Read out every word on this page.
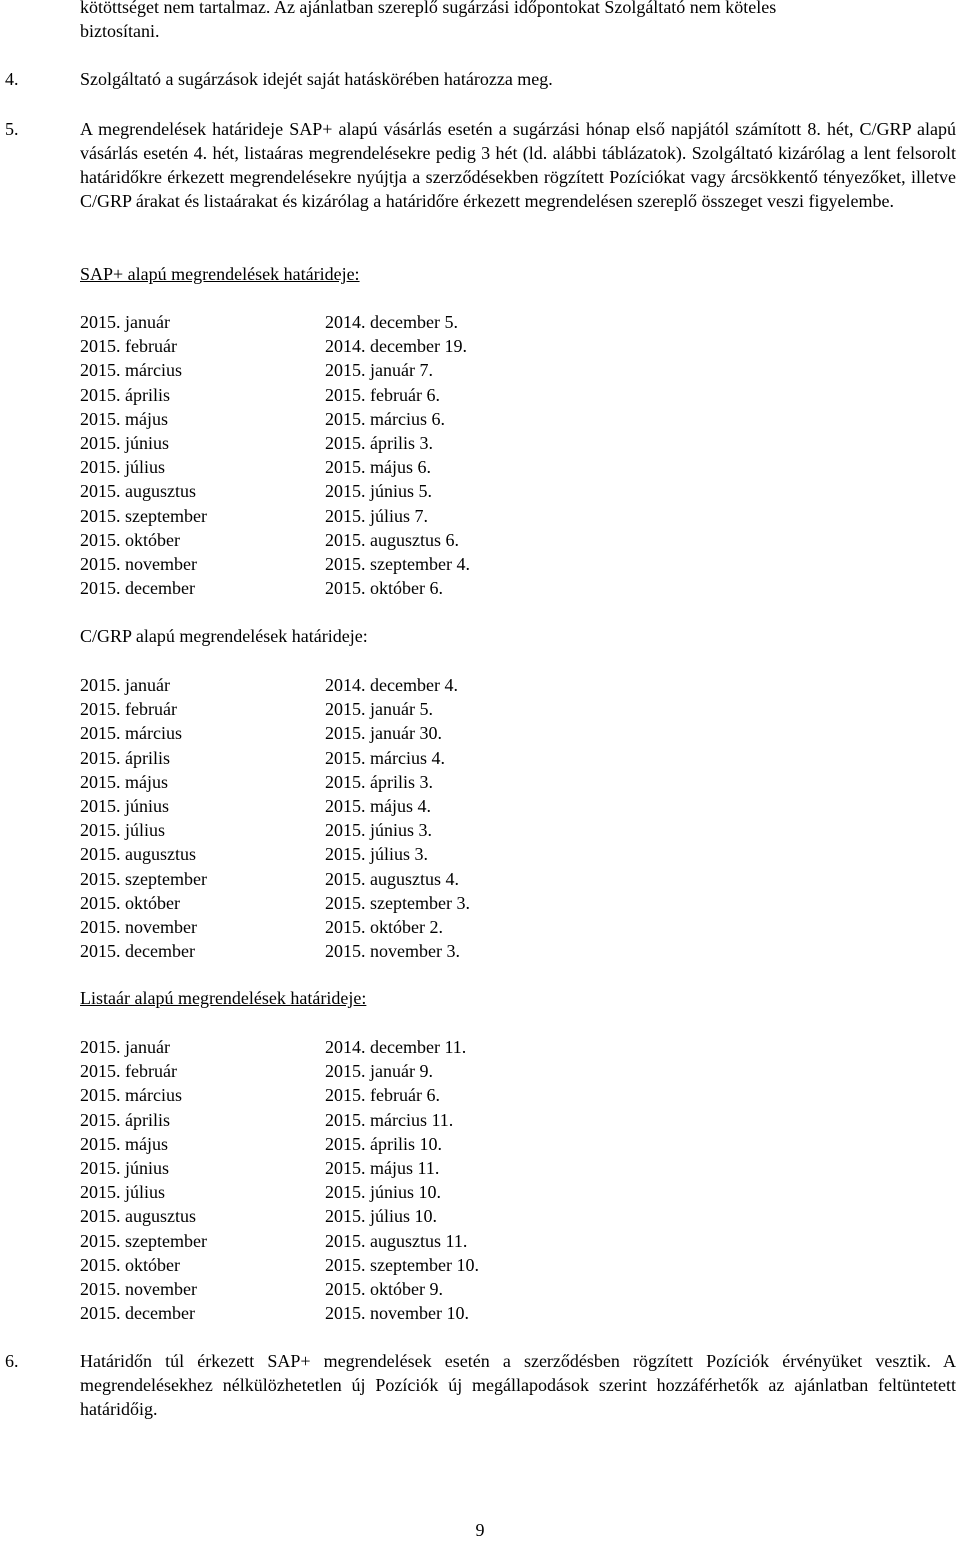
kötöttséget nem tartalmaz. Az ajánlatban szereplő sugárzási időpontokat Szolgáltató nem köteles
biztosítani.
4.	Szolgáltató a sugárzások idejét saját hatáskörében határozza meg.
5.	A megrendelések határideje SAP+ alapú vásárlás esetén a sugárzási hónap első napjától számított 8. hét, C/GRP alapú vásárlás esetén 4. hét, listaáras megrendelésekre pedig 3 hét (ld. alábbi táblázatok). Szolgáltató kizárólag a lent felsorolt határidőkre érkezett megrendelésekre nyújtja a szerződésekben rögzített Pozíciókat vagy árcsökkentő tényezőket, illetve C/GRP árakat és listaárakat és kizárólag a határidőre érkezett megrendelésen szereplő összeget veszi figyelembe.
SAP+ alapú megrendelések határideje:
2015. január	2014. december 5.
2015. február	2014. december 19.
2015. március	2015. január 7.
2015. április	2015. február 6.
2015. május	2015. március 6.
2015. június	2015. április 3.
2015. július	2015. május 6.
2015. augusztus	2015. június 5.
2015. szeptember	2015. július 7.
2015. október	2015. augusztus 6.
2015. november	2015. szeptember 4.
2015. december	2015. október 6.
C/GRP alapú megrendelések határideje:
2015. január	2014. december 4.
2015. február	2015. január 5.
2015. március	2015. január 30.
2015. április	2015. március 4.
2015. május	2015. április 3.
2015. június	2015. május 4.
2015. július	2015. június 3.
2015. augusztus	2015. július 3.
2015. szeptember	2015. augusztus 4.
2015. október	2015. szeptember 3.
2015. november	2015. október 2.
2015. december	2015. november 3.
Listaár alapú megrendelések határideje:
2015. január	2014. december 11.
2015. február	2015. január 9.
2015. március	2015. február 6.
2015. április	2015. március 11.
2015. május	2015. április 10.
2015. június	2015. május 11.
2015. július	2015. június 10.
2015. augusztus	2015. július 10.
2015. szeptember	2015. augusztus 11.
2015. október	2015. szeptember 10.
2015. november	2015. október 9.
2015. december	2015. november 10.
6.	Határidőn túl érkezett SAP+ megrendelések esetén a szerződésben rögzített Pozíciók érvényüket vesztik. A megrendelésekhez nélkülözhetetlen új Pozíciók új megállapodások szerint hozzáférhetők az ajánlatban feltüntetett határidőig.
9
